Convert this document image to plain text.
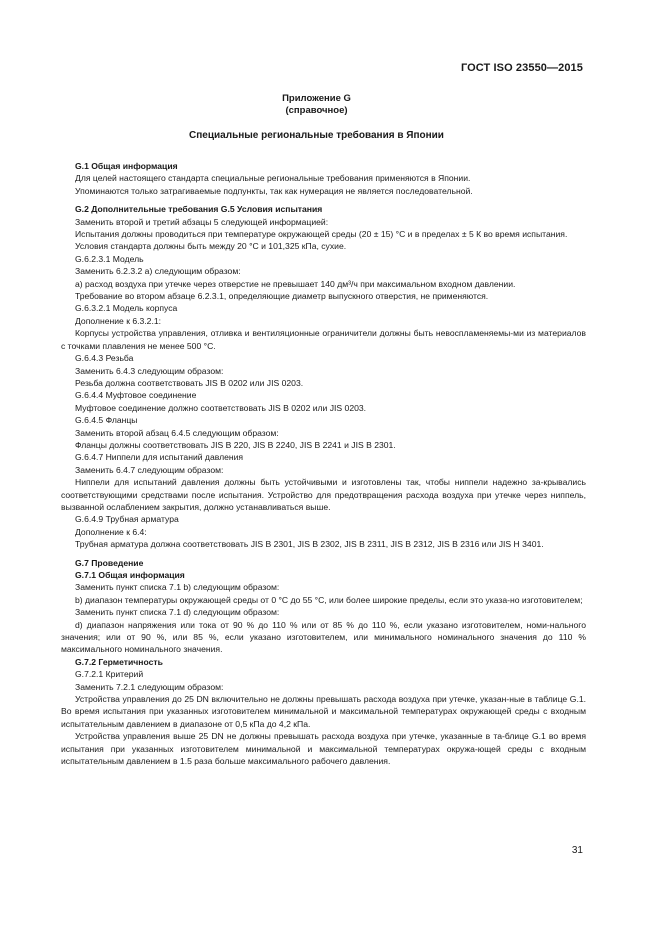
ГОСТ ISO 23550—2015
Приложение G
(справочное)
Специальные региональные требования в Японии

G.1 Общая информация

Для целей настоящего стандарта специальные региональные требования применяются в Японии.

Упоминаются только затрагиваемые подпункты, так как нумерация не является последовательной.

G.2 Дополнительные требования G.5 Условия испытания

Заменить второй и третий абзацы 5 следующей информацией:

Испытания должны проводиться при температуре окружающей среды (20 ± 15) °С и в пределах ± 5 К во время испытания.

Условия стандарта должны быть между 20 °С и 101,325 кПа, сухие.

G.6.2.3.1 Модель

Заменить 6.2.3.2 а) следующим образом:

а) расход воздуха при утечке через отверстие не превышает 140 дм³/ч при максимальном входном давлении.

Требование во втором абзаце 6.2.3.1, определяющие диаметр выпускного отверстия, не применяются.

G.6.3.2.1 Модель корпуса

Дополнение к 6.3.2.1:

Корпусы устройства управления, отливка и вентиляционные ограничители должны быть невоспламеняемы-ми из материалов с точками плавления не менее 500 °С.

G.6.4.3 Резьба

Заменить 6.4.3 следующим образом:

Резьба должна соответствовать JIS В 0202 или JIS 0203.

G.6.4.4 Муфтовое соединение

Муфтовое соединение должно соответствовать JIS В 0202 или JIS 0203.

G.6.4.5 Фланцы

Заменить второй абзац 6.4.5 следующим образом:

Фланцы должны соответствовать JIS В 220, JIS В 2240, JIS В 2241 и JIS В 2301.

G.6.4.7 Ниппели для испытаний давления

Заменить 6.4.7 следующим образом:

Ниппели для испытаний давления должны быть устойчивыми и изготовлены так, чтобы ниппели надежно за-крывались соответствующими средствами после испытания. Устройство для предотвращения расхода воздуха при утечке через ниппель, вызванной ослаблением закрытия, должно устанавливаться выше.

G.6.4.9 Трубная арматура

Дополнение к 6.4:

Трубная арматура должна соответствовать JIS В 2301, JIS В 2302, JIS В 2311, JIS В 2312, JIS В 2316 или JIS Н 3401.

G.7 Проведение

G.7.1 Общая информация

Заменить пункт списка 7.1 b) следующим образом:

b) диапазон температуры окружающей среды от 0 °С до 55 °С, или более широкие пределы, если это указа-но изготовителем;

Заменить пункт списка 7.1 d) следующим образом:

d) диапазон напряжения или тока от 90 % до 110 % или от 85 % до 110 %, если указано изготовителем, номи-нального значения; или от 90 %, или 85 %, если указано изготовителем, или минимального номинального значения до 110 % максимального номинального значения.

G.7.2 Герметичность

G.7.2.1 Критерий

Заменить 7.2.1 следующим образом:

Устройства управления до 25 DN включительно не должны превышать расхода воздуха при утечке, указан-ные в таблице G.1. Во время испытания при указанных изготовителем минимальной и максимальной температурах окружающей среды с входным испытательным давлением в диапазоне от 0,5 кПа до 4,2 кПа.

Устройства управления выше 25 DN не должны превышать расхода воздуха при утечке, указанные в та-блице G.1 во время испытания при указанных изготовителем минимальной и максимальной температурах окружа-ющей среды с входным испытательным давлением в 1.5 раза больше максимального рабочего давления.

31
